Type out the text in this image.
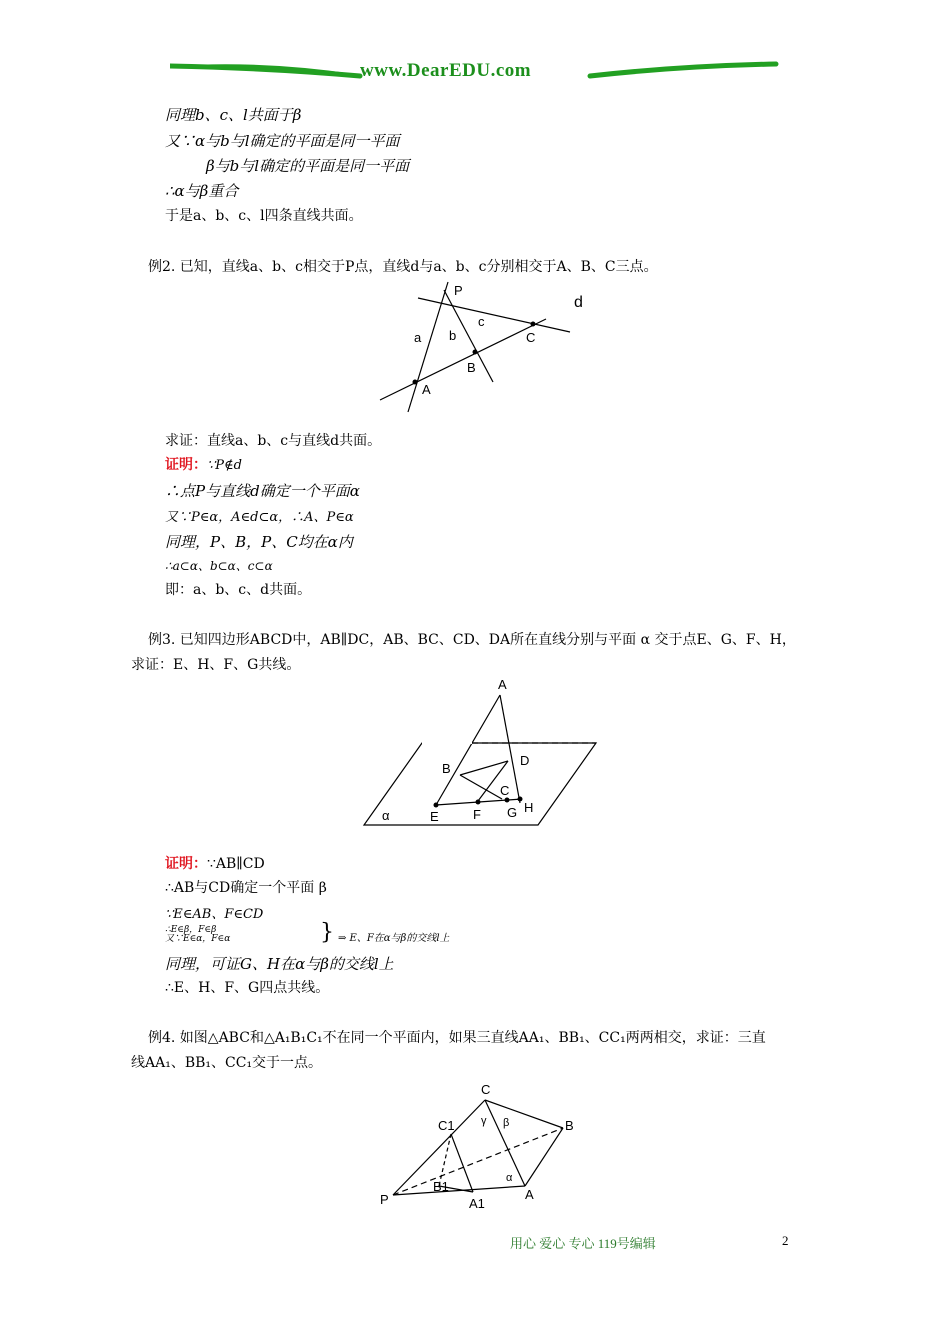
www.DearEDU.com
同理b、c、l共面于β
又∵α与b与l确定的平面是同一平面
β与b与l确定的平面是同一平面
∴α与β重合
于是a、b、c、l四条直线共面。
例2. 已知，直线a、b、c相交于P点，直线d与a、b、c分别相交于A、B、C三点。
P
d
a b
c
C
B
A
求证：直线a、b、c与直线d共面。
证明：∵P∉d
∴点P与直线d确定一个平面α
又∵P∈α，A∈d⊂α，∴A、P∈α
同理，P、B，P、C均在α内
∴a⊂α、b⊂α、c⊂α
即：a、b、c、d共面。
例3. 已知四边形ABCD中，AB∥DC，AB、BC、CD、DA所在直线分别与平面 α 交于点E、G、F、H，
求证：E、H、F、G共线。
A
B
D
C
α	E	F G H
证明：∵AB∥CD
∴AB与CD确定一个平面 β
∵E∈AB、F∈CD
∴E∈β，F∈β
又∵E∈α，F∈α	} ⇒ E、F在α与β的交线l上
同理，可证G、H在α与β的交线l上
∴E、H、F、G四点共线。
例4. 如图△ABC和△A₁B₁C₁不在同一个平面内，如果三直线AA₁、BB₁、CC₁两两相交，求证：三直
线AA₁、BB₁、CC₁交于一点。
C
C1 γ β	B
α
B1
P	A1
A
用心 爱心 专心 119号编辑	2
